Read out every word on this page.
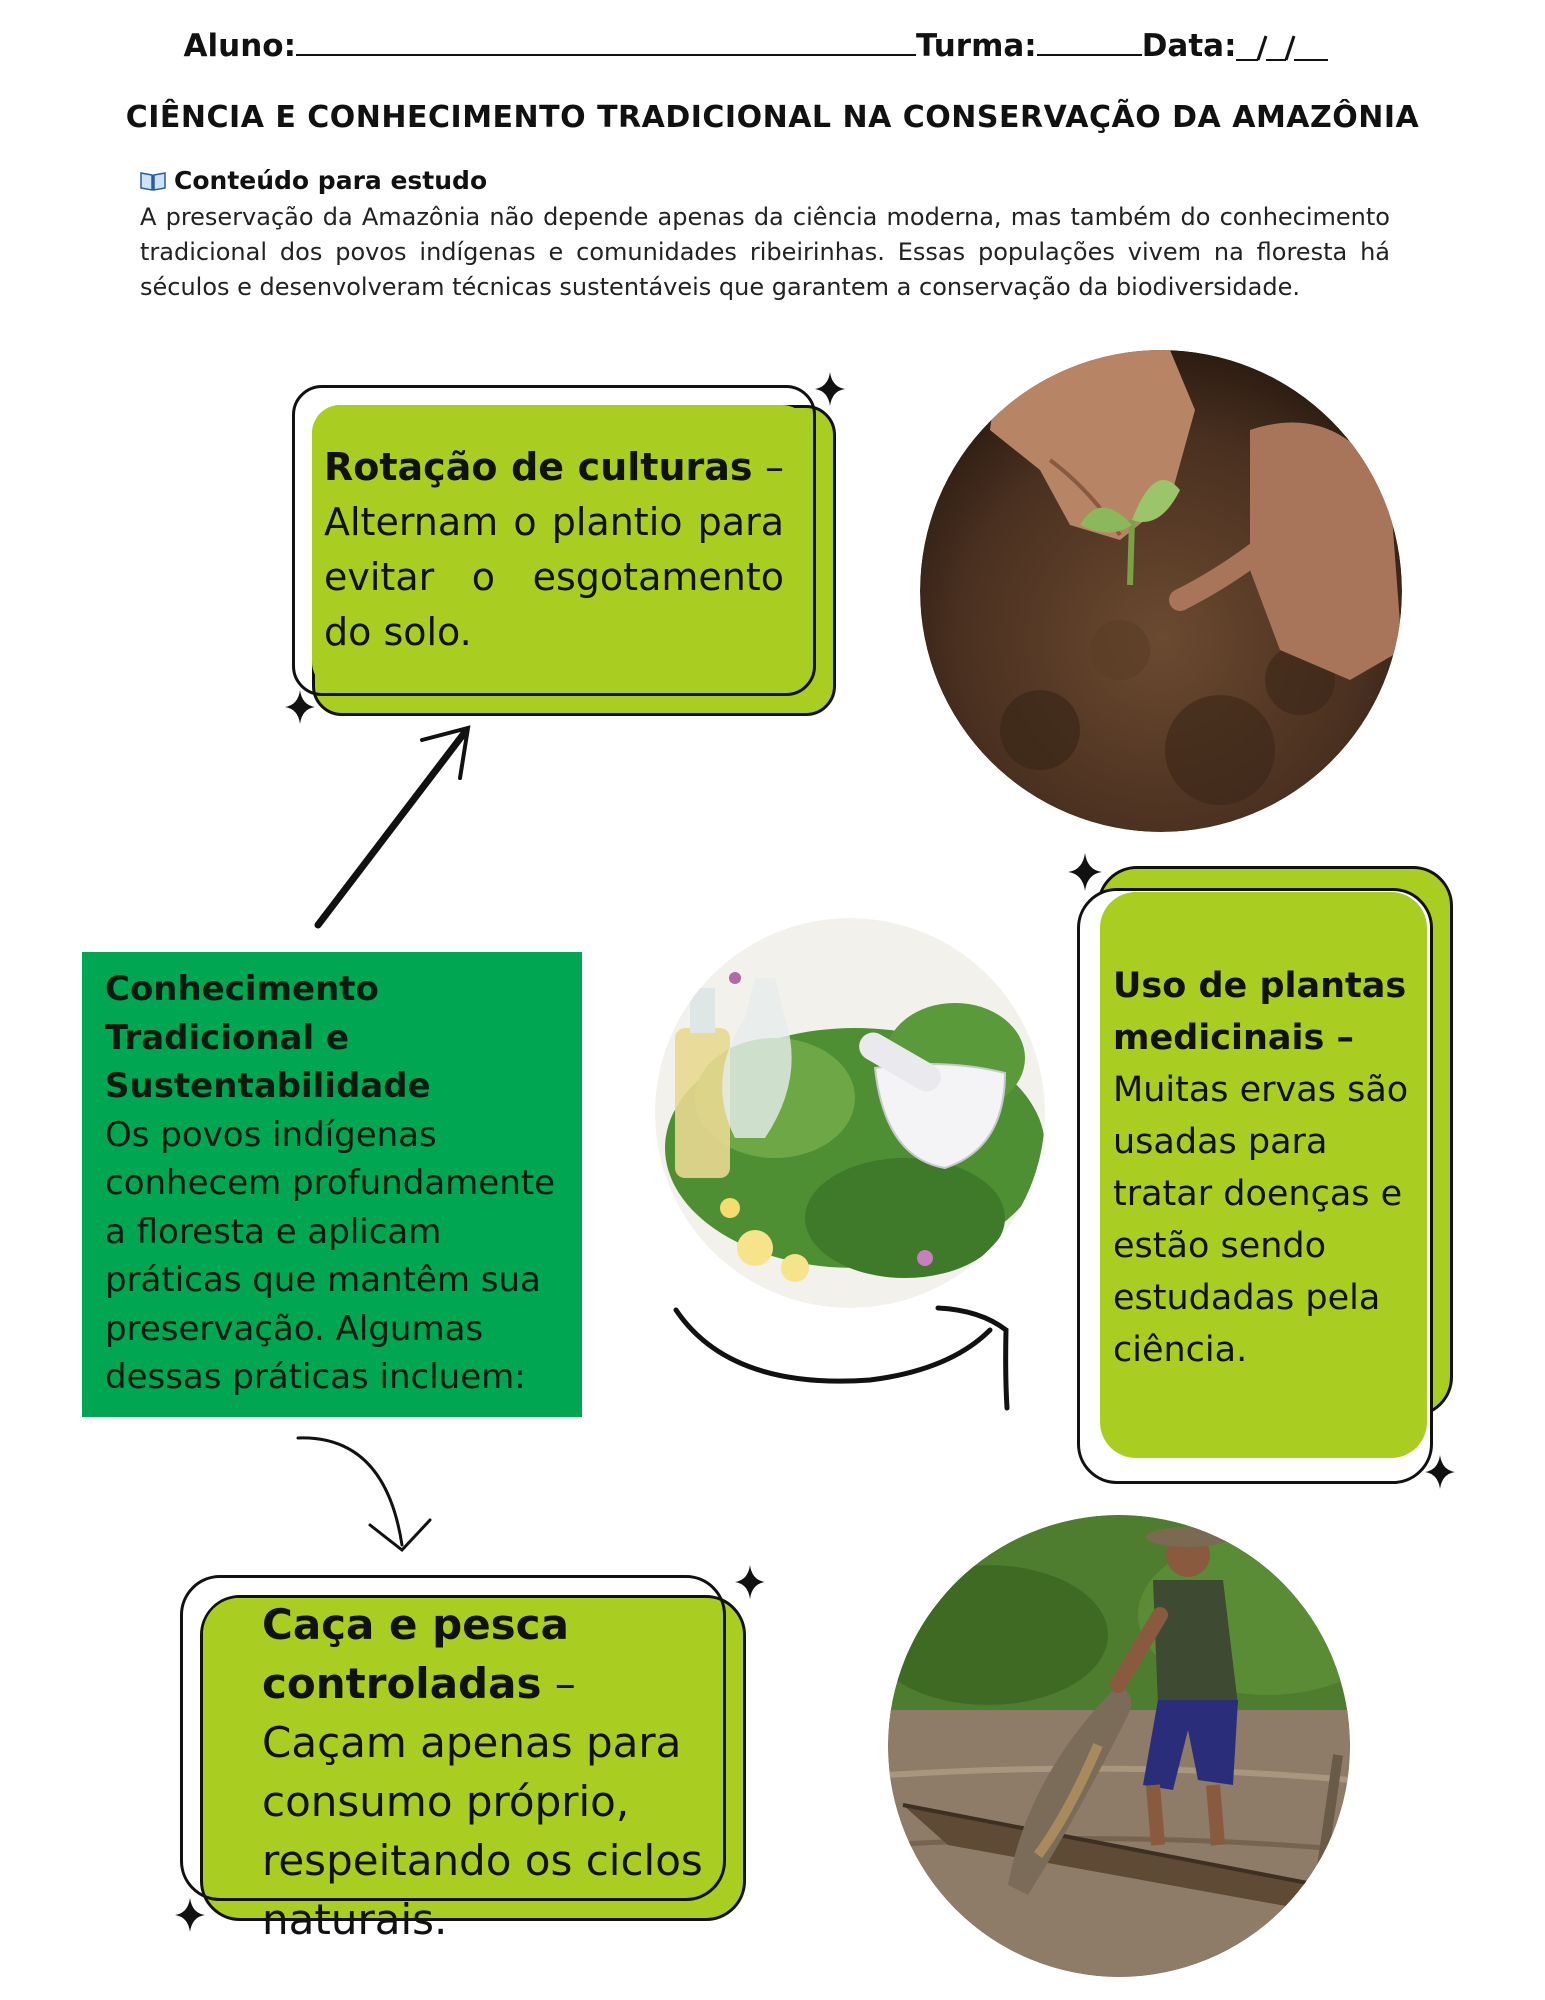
Aluno:	Turma:	Data:
CIÊNCIA E CONHECIMENTO TRADICIONAL NA CONSERVAÇÃO DA AMAZÔNIA
Conteúdo para estudo

A preservação da Amazônia não depende apenas da ciência moderna, mas também do conhecimento tradicional dos povos indígenas e comunidades ribeirinhas. Essas populações vivem na floresta há séculos e desenvolveram técnicas sustentáveis que garantem a conservação da biodiversidade.

Rotação de culturas – Alternam o plantio para evitar o esgotamento do solo.
Conhecimento Tradicional e Sustentabilidade
Os povos indígenas conhecem profundamente a floresta e aplicam práticas que mantêm sua preservação. Algumas dessas práticas incluem:
Uso de plantas medicinais –
Muitas ervas são usadas para tratar doenças e estão sendo estudadas pela ciência.
Caça e pesca controladas – Caçam apenas para consumo próprio, respeitando os ciclos naturais.
